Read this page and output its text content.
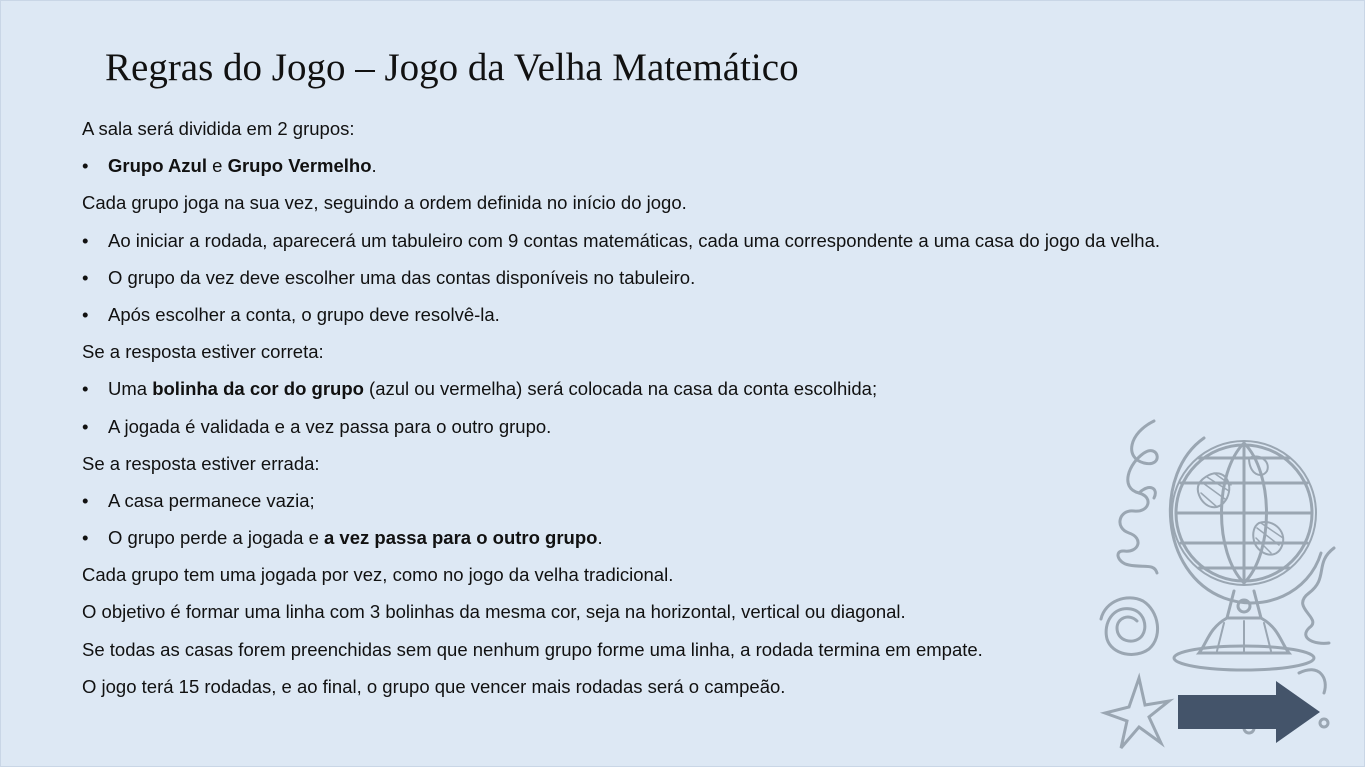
Regras do Jogo – Jogo da Velha Matemático
A sala será dividida em 2 grupos:
• Grupo Azul e Grupo Vermelho.
Cada grupo joga na sua vez, seguindo a ordem definida no início do jogo.
• Ao iniciar a rodada, aparecerá um tabuleiro com 9 contas matemáticas, cada uma correspondente a uma casa do jogo da velha.
• O grupo da vez deve escolher uma das contas disponíveis no tabuleiro.
• Após escolher a conta, o grupo deve resolvê-la.
Se a resposta estiver correta:
• Uma bolinha da cor do grupo (azul ou vermelha) será colocada na casa da conta escolhida;
• A jogada é validada e a vez passa para o outro grupo.
Se a resposta estiver errada:
• A casa permanece vazia;
• O grupo perde a jogada e a vez passa para o outro grupo.
Cada grupo tem uma jogada por vez, como no jogo da velha tradicional.
O objetivo é formar uma linha com 3 bolinhas da mesma cor, seja na horizontal, vertical ou diagonal.
Se todas as casas forem preenchidas sem que nenhum grupo forme uma linha, a rodada termina em empate.
O jogo terá 15 rodadas, e ao final, o grupo que vencer mais rodadas será o campeão.
